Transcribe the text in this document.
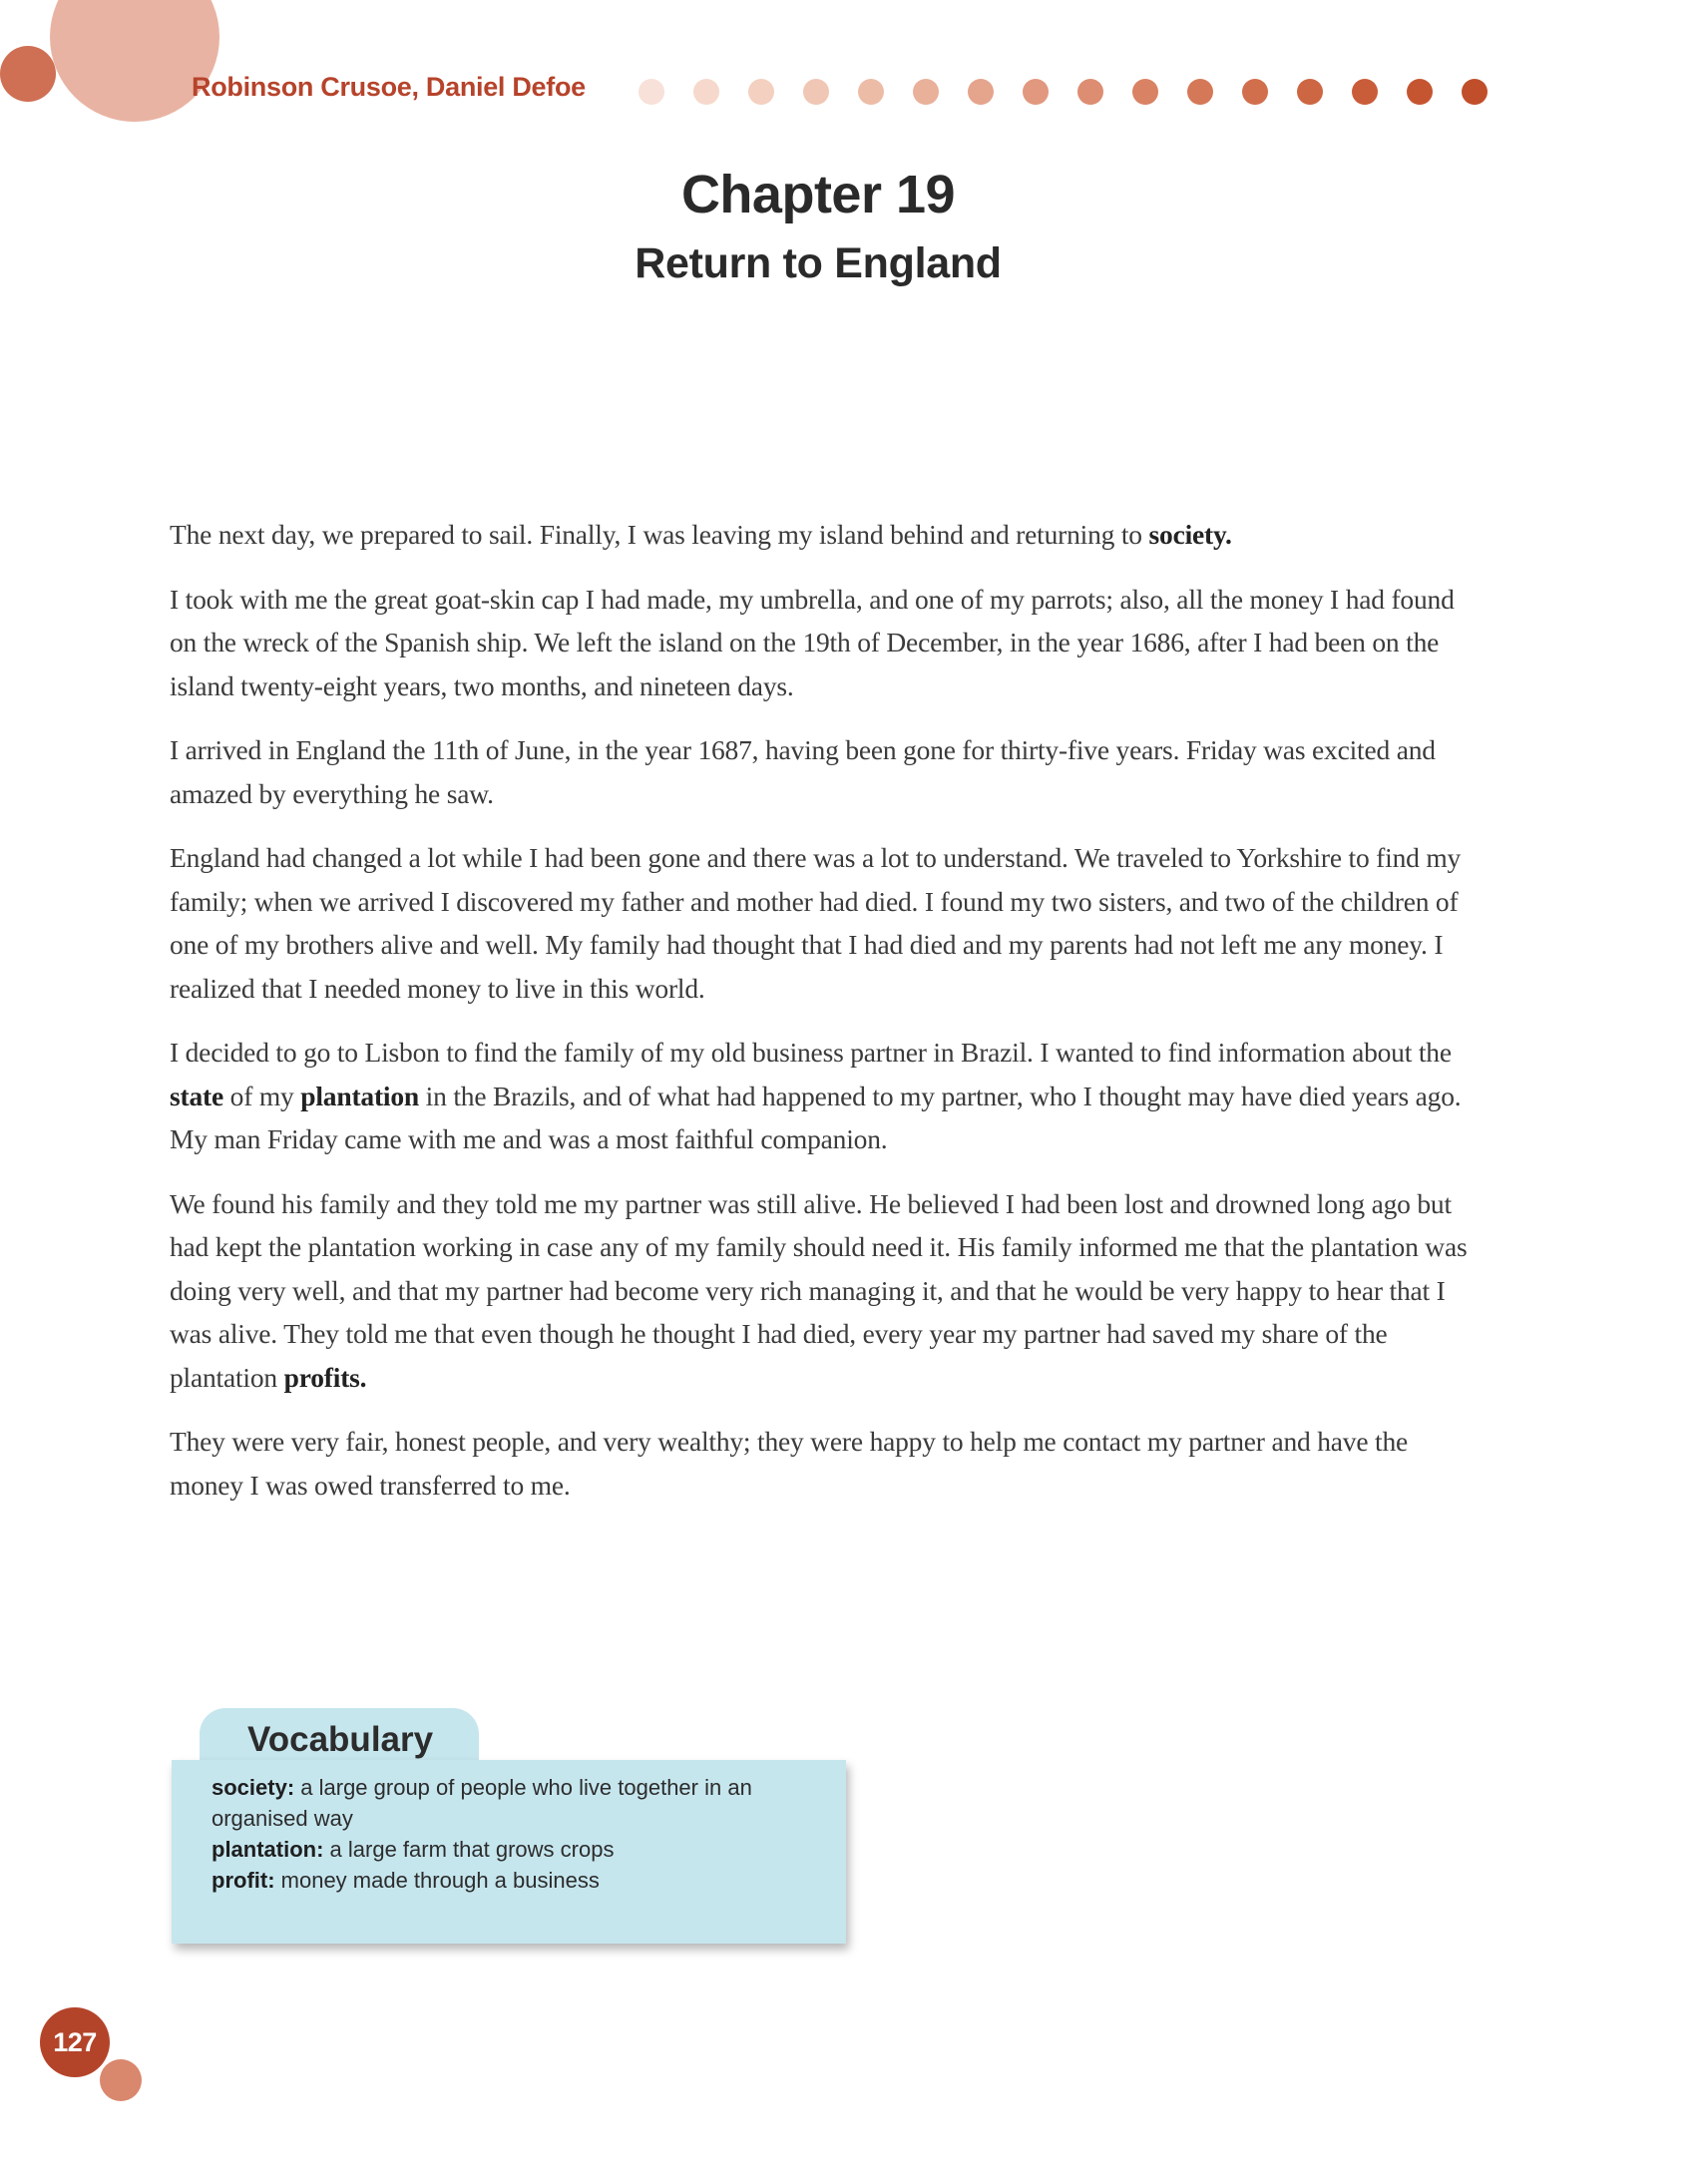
Robinson Crusoe, Daniel Defoe
Chapter 19
Return to England

The next day, we prepared to sail. Finally, I was leaving my island behind and returning to society.

I took with me the great goat-skin cap I had made, my umbrella, and one of my parrots; also, all the money I had found on the wreck of the Spanish ship. We left the island on the 19th of December, in the year 1686, after I had been on the island twenty-eight years, two months, and nineteen days.

I arrived in England the 11th of June, in the year 1687, having been gone for thirty-five years. Friday was excited and amazed by everything he saw.

England had changed a lot while I had been gone and there was a lot to understand. We traveled to Yorkshire to find my family; when we arrived I discovered my father and mother had died. I found my two sisters, and two of the children of one of my brothers alive and well. My family had thought that I had died and my parents had not left me any money. I realized that I needed money to live in this world.

I decided to go to Lisbon to find the family of my old business partner in Brazil. I wanted to find information about the state of my plantation in the Brazils, and of what had happened to my partner, who I thought may have died years ago. My man Friday came with me and was a most faithful companion.

We found his family and they told me my partner was still alive. He believed I had been lost and drowned long ago but had kept the plantation working in case any of my family should need it. His family informed me that the plantation was doing very well, and that my partner had become very rich managing it, and that he would be very happy to hear that I was alive. They told me that even though he thought I had died, every year my partner had saved my share of the plantation profits.

They were very fair, honest people, and very wealthy; they were happy to help me contact my partner and have the money I was owed transferred to me.

Vocabulary
society: a large group of people who live together in an organised way
plantation: a large farm that grows crops
profit: money made through a business
127
